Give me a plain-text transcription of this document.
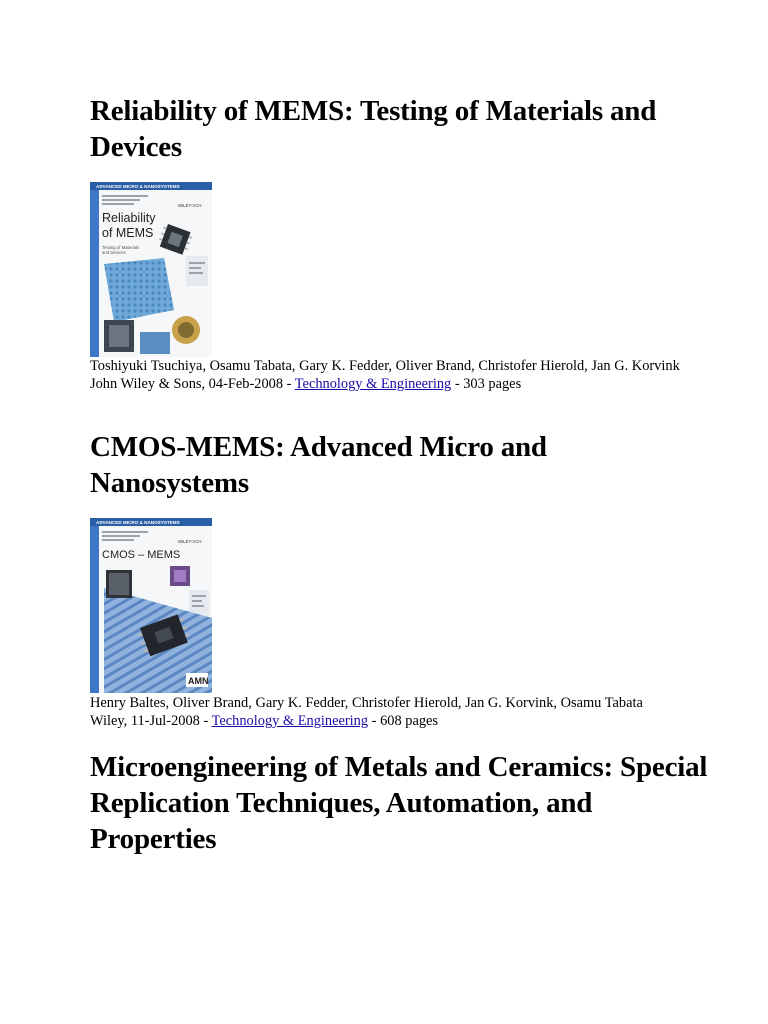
Reliability of MEMS: Testing of Materials and Devices
ADVANCED MICRO & NANOSYSTEMS
WILEY-VCH
Reliability
of MEMS
Testing of Materials
and Devices
Toshiyuki Tsuchiya, Osamu Tabata, Gary K. Fedder, Oliver Brand, Christofer Hierold, Jan G. Korvink
John Wiley & Sons, 04-Feb-2008 - Technology & Engineering - 303 pages
CMOS-MEMS: Advanced Micro and Nanosystems
ADVANCED MICRO & NANOSYSTEMS
WILEY-VCH
CMOS – MEMS
AMN
Henry Baltes, Oliver Brand, Gary K. Fedder, Christofer Hierold, Jan G. Korvink, Osamu Tabata
Wiley, 11-Jul-2008 - Technology & Engineering - 608 pages
Microengineering of Metals and Ceramics: Special Replication Techniques, Automation, and Properties
